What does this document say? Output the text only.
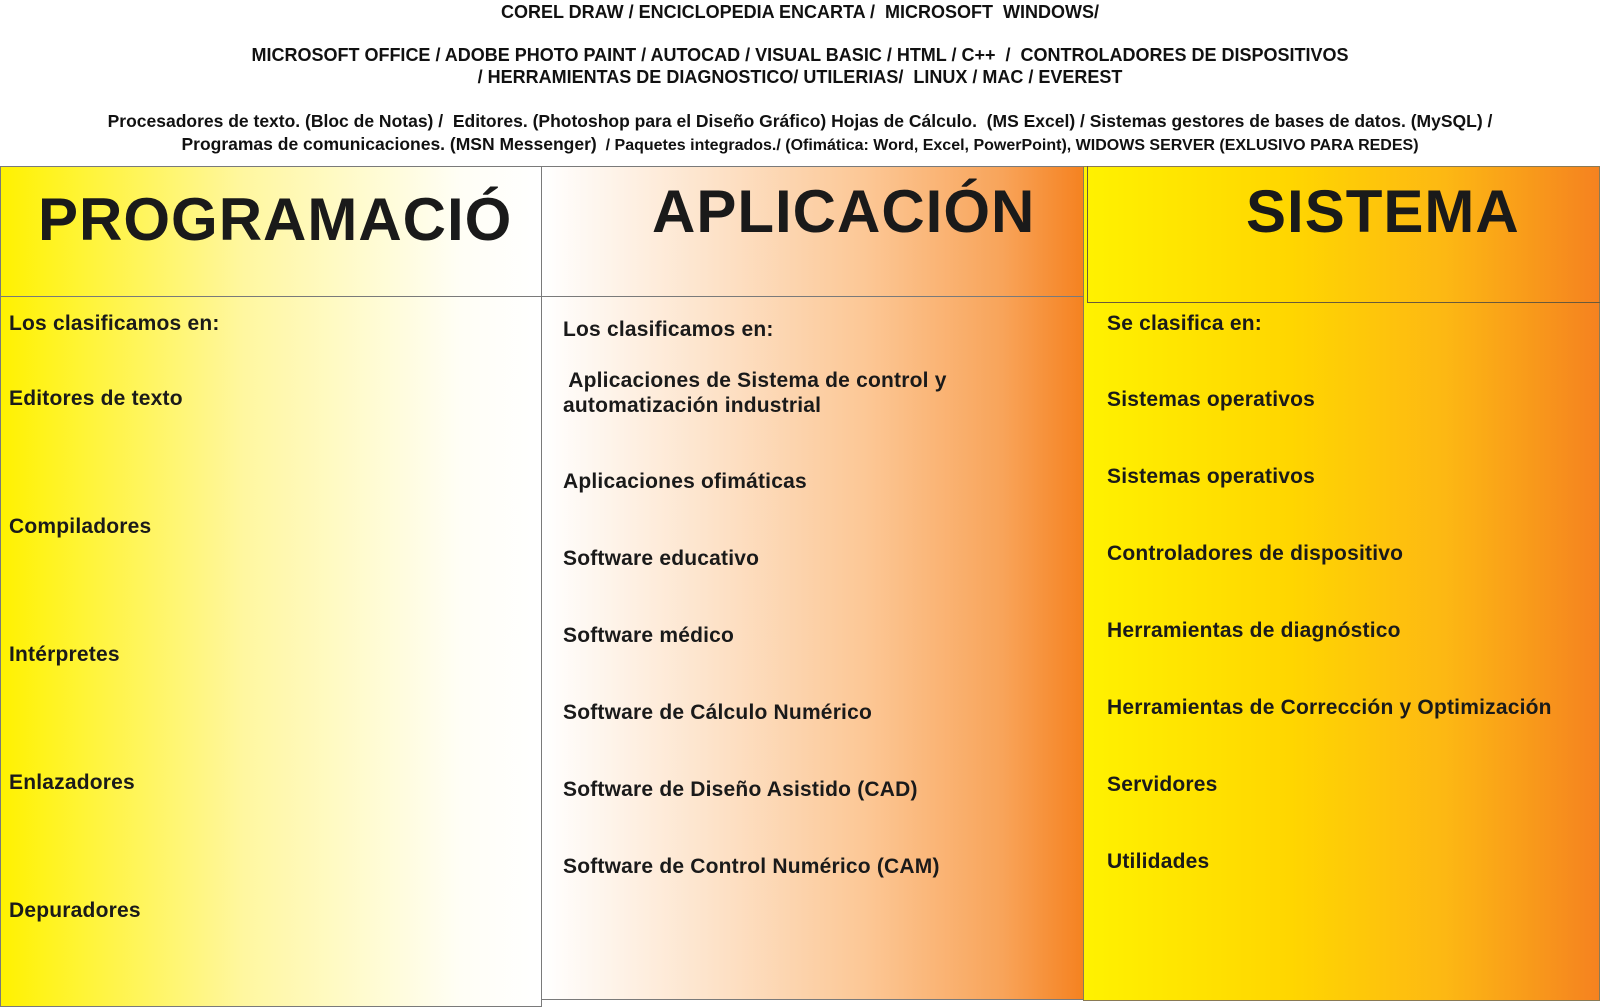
COREL DRAW / ENCICLOPEDIA ENCARTA /  MICROSOFT  WINDOWS/
MICROSOFT OFFICE / ADOBE PHOTO PAINT / AUTOCAD / VISUAL BASIC / HTML / C++  /  CONTROLADORES DE DISPOSITIVOS
/ HERRAMIENTAS DE DIAGNOSTICO/ UTILERIAS/  LINUX / MAC / EVEREST
Procesadores de texto. (Bloc de Notas) /  Editores. (Photoshop para el Diseño Gráfico) Hojas de Cálculo.  (MS Excel) / Sistemas gestores de bases de datos. (MySQL) /
Programas de comunicaciones. (MSN Messenger)  / Paquetes integrados./ (Ofimática: Word, Excel, PowerPoint), WIDOWS SERVER (EXLUSIVO PARA REDES)
PROGRAMACIÓ
Los clasificamos en:
Editores de texto
Compiladores
Intérpretes
Enlazadores
Depuradores
APLICACIÓN
Los clasificamos en:
Aplicaciones de Sistema de control y
automatización industrial
Aplicaciones ofimáticas
Software educativo
Software médico
Software de Cálculo Numérico
Software de Diseño Asistido (CAD)
Software de Control Numérico (CAM)
SISTEMA
Se clasifica en:
Sistemas operativos
Sistemas operativos
Controladores de dispositivo
Herramientas de diagnóstico
Herramientas de Corrección y Optimización
Servidores
Utilidades
